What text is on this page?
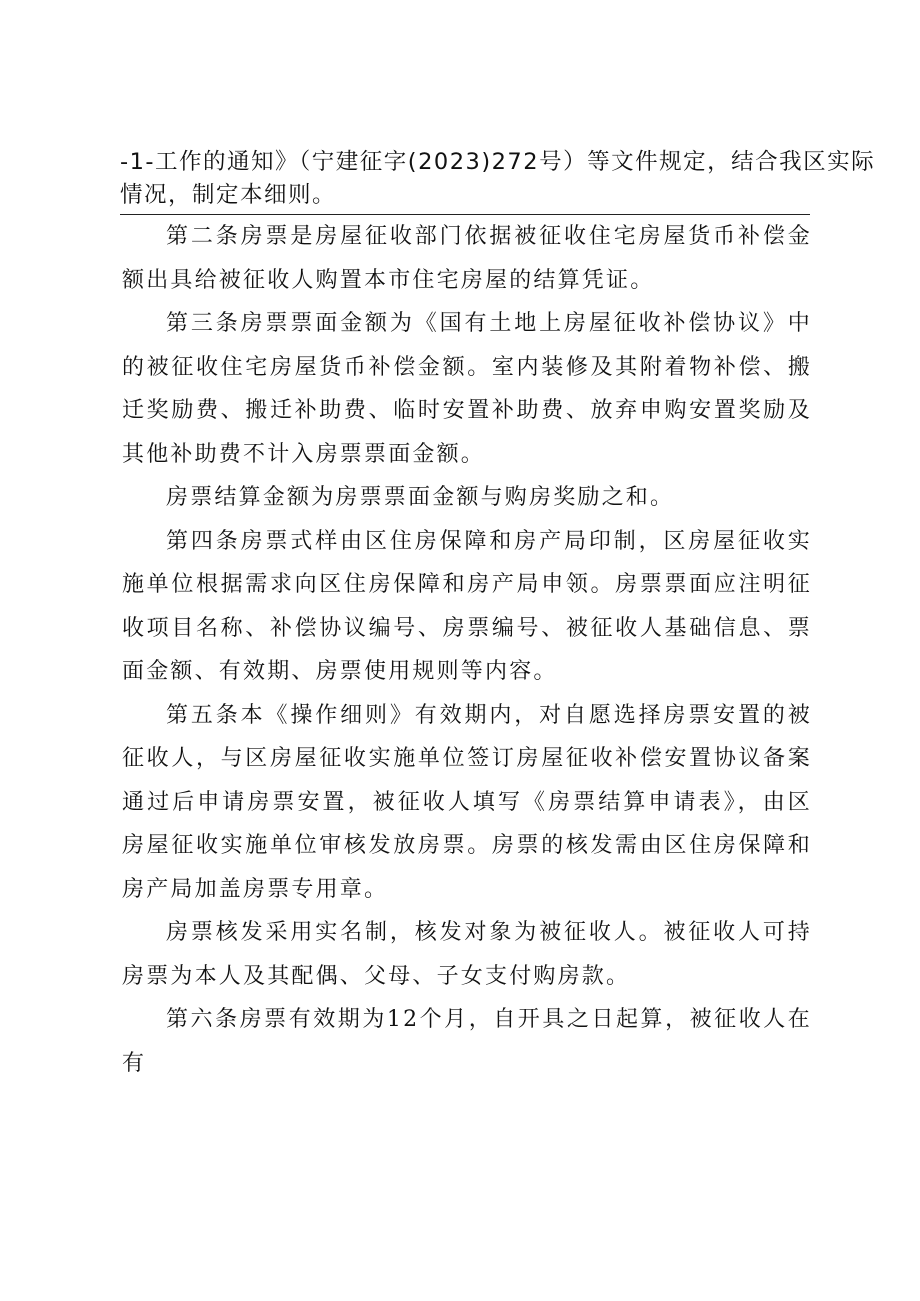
-1-工作的通知》（宁建征字(2023)272号）等文件规定，结合我区实际
情况，制定本细则。

第二条房票是房屋征收部门依据被征收住宅房屋货币补偿金额出具给被征收人购置本市住宅房屋的结算凭证。

第三条房票票面金额为《国有土地上房屋征收补偿协议》中的被征收住宅房屋货币补偿金额。室内装修及其附着物补偿、搬迁奖励费、搬迁补助费、临时安置补助费、放弃申购安置奖励及其他补助费不计入房票票面金额。

房票结算金额为房票票面金额与购房奖励之和。

第四条房票式样由区住房保障和房产局印制，区房屋征收实施单位根据需求向区住房保障和房产局申领。房票票面应注明征收项目名称、补偿协议编号、房票编号、被征收人基础信息、票面金额、有效期、房票使用规则等内容。

第五条本《操作细则》有效期内，对自愿选择房票安置的被征收人，与区房屋征收实施单位签订房屋征收补偿安置协议备案通过后申请房票安置，被征收人填写《房票结算申请表》，由区房屋征收实施单位审核发放房票。房票的核发需由区住房保障和房产局加盖房票专用章。

房票核发采用实名制，核发对象为被征收人。被征收人可持房票为本人及其配偶、父母、子女支付购房款。

第六条房票有效期为12个月，自开具之日起算，被征收人在有
